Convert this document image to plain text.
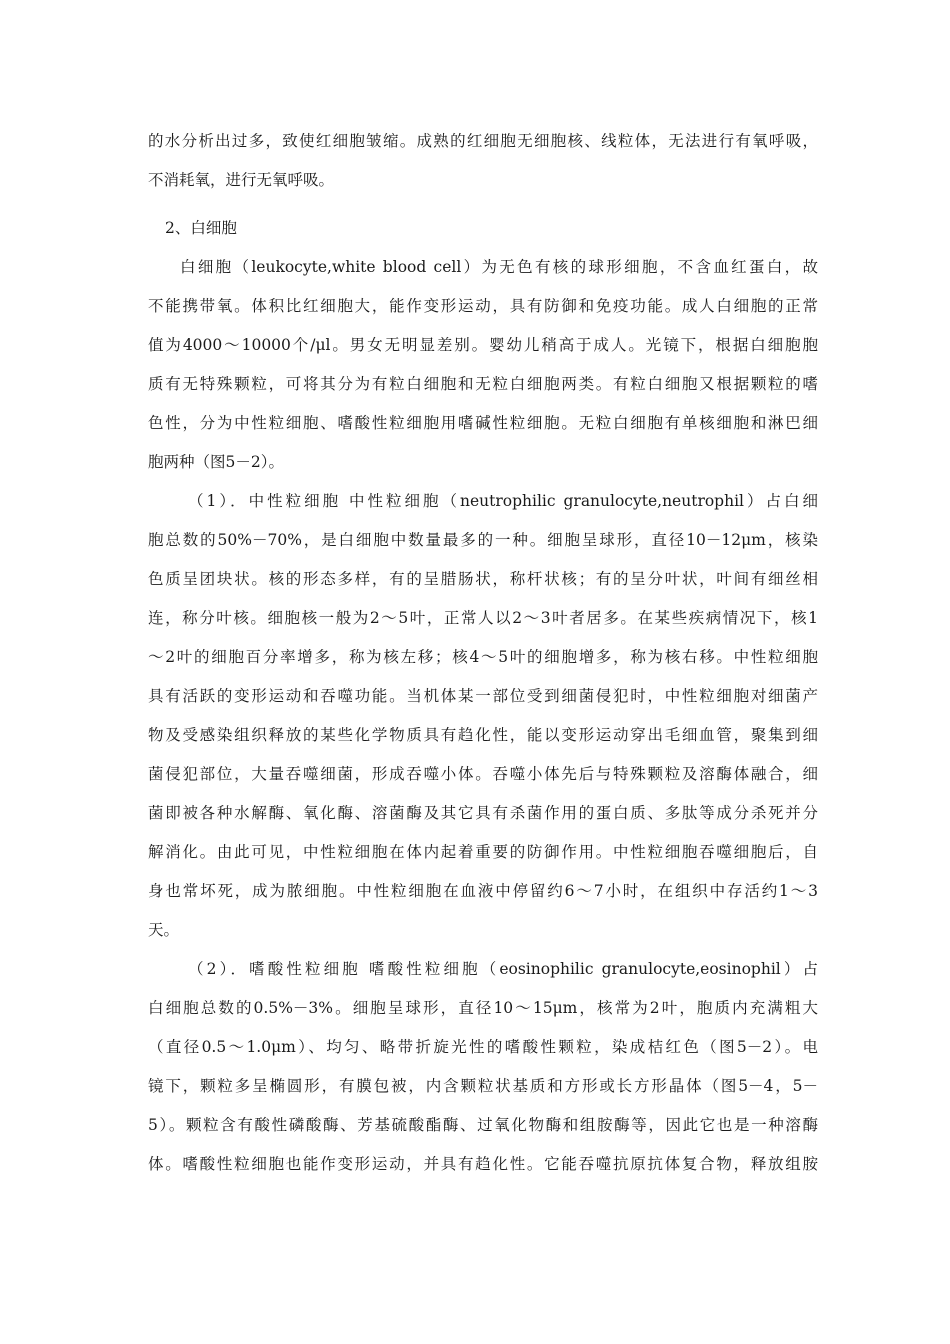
的水分析出过多，致使红细胞皱缩。成熟的红细胞无细胞核、线粒体，无法进行有氧呼吸，
不消耗氧，进行无氧呼吸。
2、白细胞
白细胞（leukocyte,white blood cell）为无色有核的球形细胞，不含血红蛋白，故
不能携带氧。体积比红细胞大，能作变形运动，具有防御和免疫功能。成人白细胞的正常
值为4000～10000个/μl。男女无明显差别。婴幼儿稍高于成人。光镜下，根据白细胞胞
质有无特殊颗粒，可将其分为有粒白细胞和无粒白细胞两类。有粒白细胞又根据颗粒的嗜
色性，分为中性粒细胞、嗜酸性粒细胞用嗜碱性粒细胞。无粒白细胞有单核细胞和淋巴细
胞两种（图5－2）。
（1）．中性粒细胞 中性粒细胞（neutrophilic granulocyte,neutrophil）占白细
胞总数的50%－70%，是白细胞中数量最多的一种。细胞呈球形，直径10－12μm，核染
色质呈团块状。核的形态多样，有的呈腊肠状，称杆状核；有的呈分叶状，叶间有细丝相
连，称分叶核。细胞核一般为2～5叶，正常人以2～3叶者居多。在某些疾病情况下，核1
～2叶的细胞百分率增多，称为核左移；核4～5叶的细胞增多，称为核右移。中性粒细胞
具有活跃的变形运动和吞噬功能。当机体某一部位受到细菌侵犯时，中性粒细胞对细菌产
物及受感染组织释放的某些化学物质具有趋化性，能以变形运动穿出毛细血管，聚集到细
菌侵犯部位，大量吞噬细菌，形成吞噬小体。吞噬小体先后与特殊颗粒及溶酶体融合，细
菌即被各种水解酶、氧化酶、溶菌酶及其它具有杀菌作用的蛋白质、多肽等成分杀死并分
解消化。由此可见，中性粒细胞在体内起着重要的防御作用。中性粒细胞吞噬细胞后，自
身也常坏死，成为脓细胞。中性粒细胞在血液中停留约6～7小时，在组织中存活约1～3
天。
（2）．嗜酸性粒细胞 嗜酸性粒细胞（eosinophilic granulocyte,eosinophil）占
白细胞总数的0.5%－3%。细胞呈球形，直径10～15μm，核常为2叶，胞质内充满粗大
（直径0.5～1.0μm）、均匀、略带折旋光性的嗜酸性颗粒，染成桔红色（图5－2）。电
镜下，颗粒多呈椭圆形，有膜包被，内含颗粒状基质和方形或长方形晶体（图5－4，5－
5）。颗粒含有酸性磷酸酶、芳基硫酸酯酶、过氧化物酶和组胺酶等，因此它也是一种溶酶
体。嗜酸性粒细胞也能作变形运动，并具有趋化性。它能吞噬抗原抗体复合物，释放组胺
